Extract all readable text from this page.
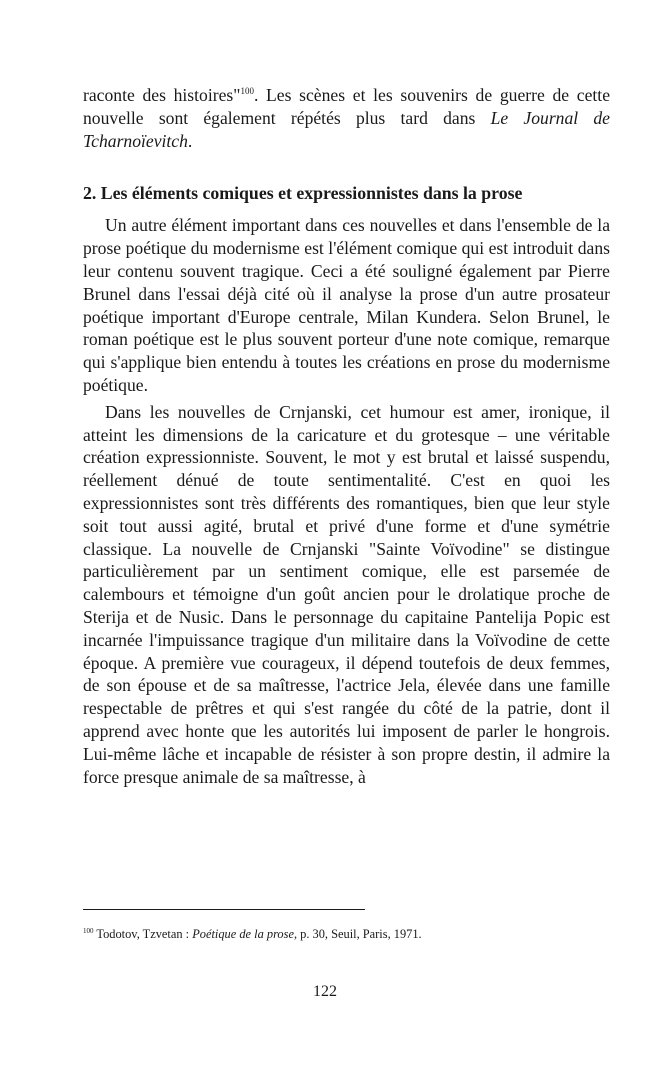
raconte des histoires"$^{100}$. Les scènes et les souvenirs de guerre de cette nouvelle sont également répétés plus tard dans Le Journal de Tcharnoïevitch.

2. Les éléments comiques et expressionnistes dans la prose

Un autre élément important dans ces nouvelles et dans l'ensemble de la prose poétique du modernisme est l'élément comique qui est introduit dans leur contenu souvent tragique. Ceci a été souligné également par Pierre Brunel dans l'essai déjà cité où il analyse la prose d'un autre prosateur poétique important d'Europe centrale, Milan Kundera. Selon Brunel, le roman poétique est le plus souvent porteur d'une note comique, remarque qui s'applique bien entendu à toutes les créations en prose du modernisme poétique.

Dans les nouvelles de Crnjanski, cet humour est amer, ironique, il atteint les dimensions de la caricature et du grotesque – une véritable création expressionniste. Souvent, le mot y est brutal et laissé suspendu, réellement dénué de toute sentimentalité. C'est en quoi les expressionnistes sont très différents des romantiques, bien que leur style soit tout aussi agité, brutal et privé d'une forme et d'une symétrie classique. La nouvelle de Crnjanski "Sainte Voïvodine" se distingue particulièrement par un sentiment comique, elle est parsemée de calembours et témoigne d'un goût ancien pour le drolatique proche de Sterija et de Nusic. Dans le personnage du capitaine Pantelija Popic est incarnée l'impuissance tragique d'un militaire dans la Voïvodine de cette époque. A première vue courageux, il dépend toutefois de deux femmes, de son épouse et de sa maîtresse, l'actrice Jela, élevée dans une famille respectable de prêtres et qui s'est rangée du côté de la patrie, dont il apprend avec honte que les autorités lui imposent de parler le hongrois. Lui-même lâche et incapable de résister à son propre destin, il admire la force presque animale de sa maîtresse, à

$^{100}$ Todotov, Tzvetan : Poétique de la prose, p. 30, Seuil, Paris, 1971.
122
